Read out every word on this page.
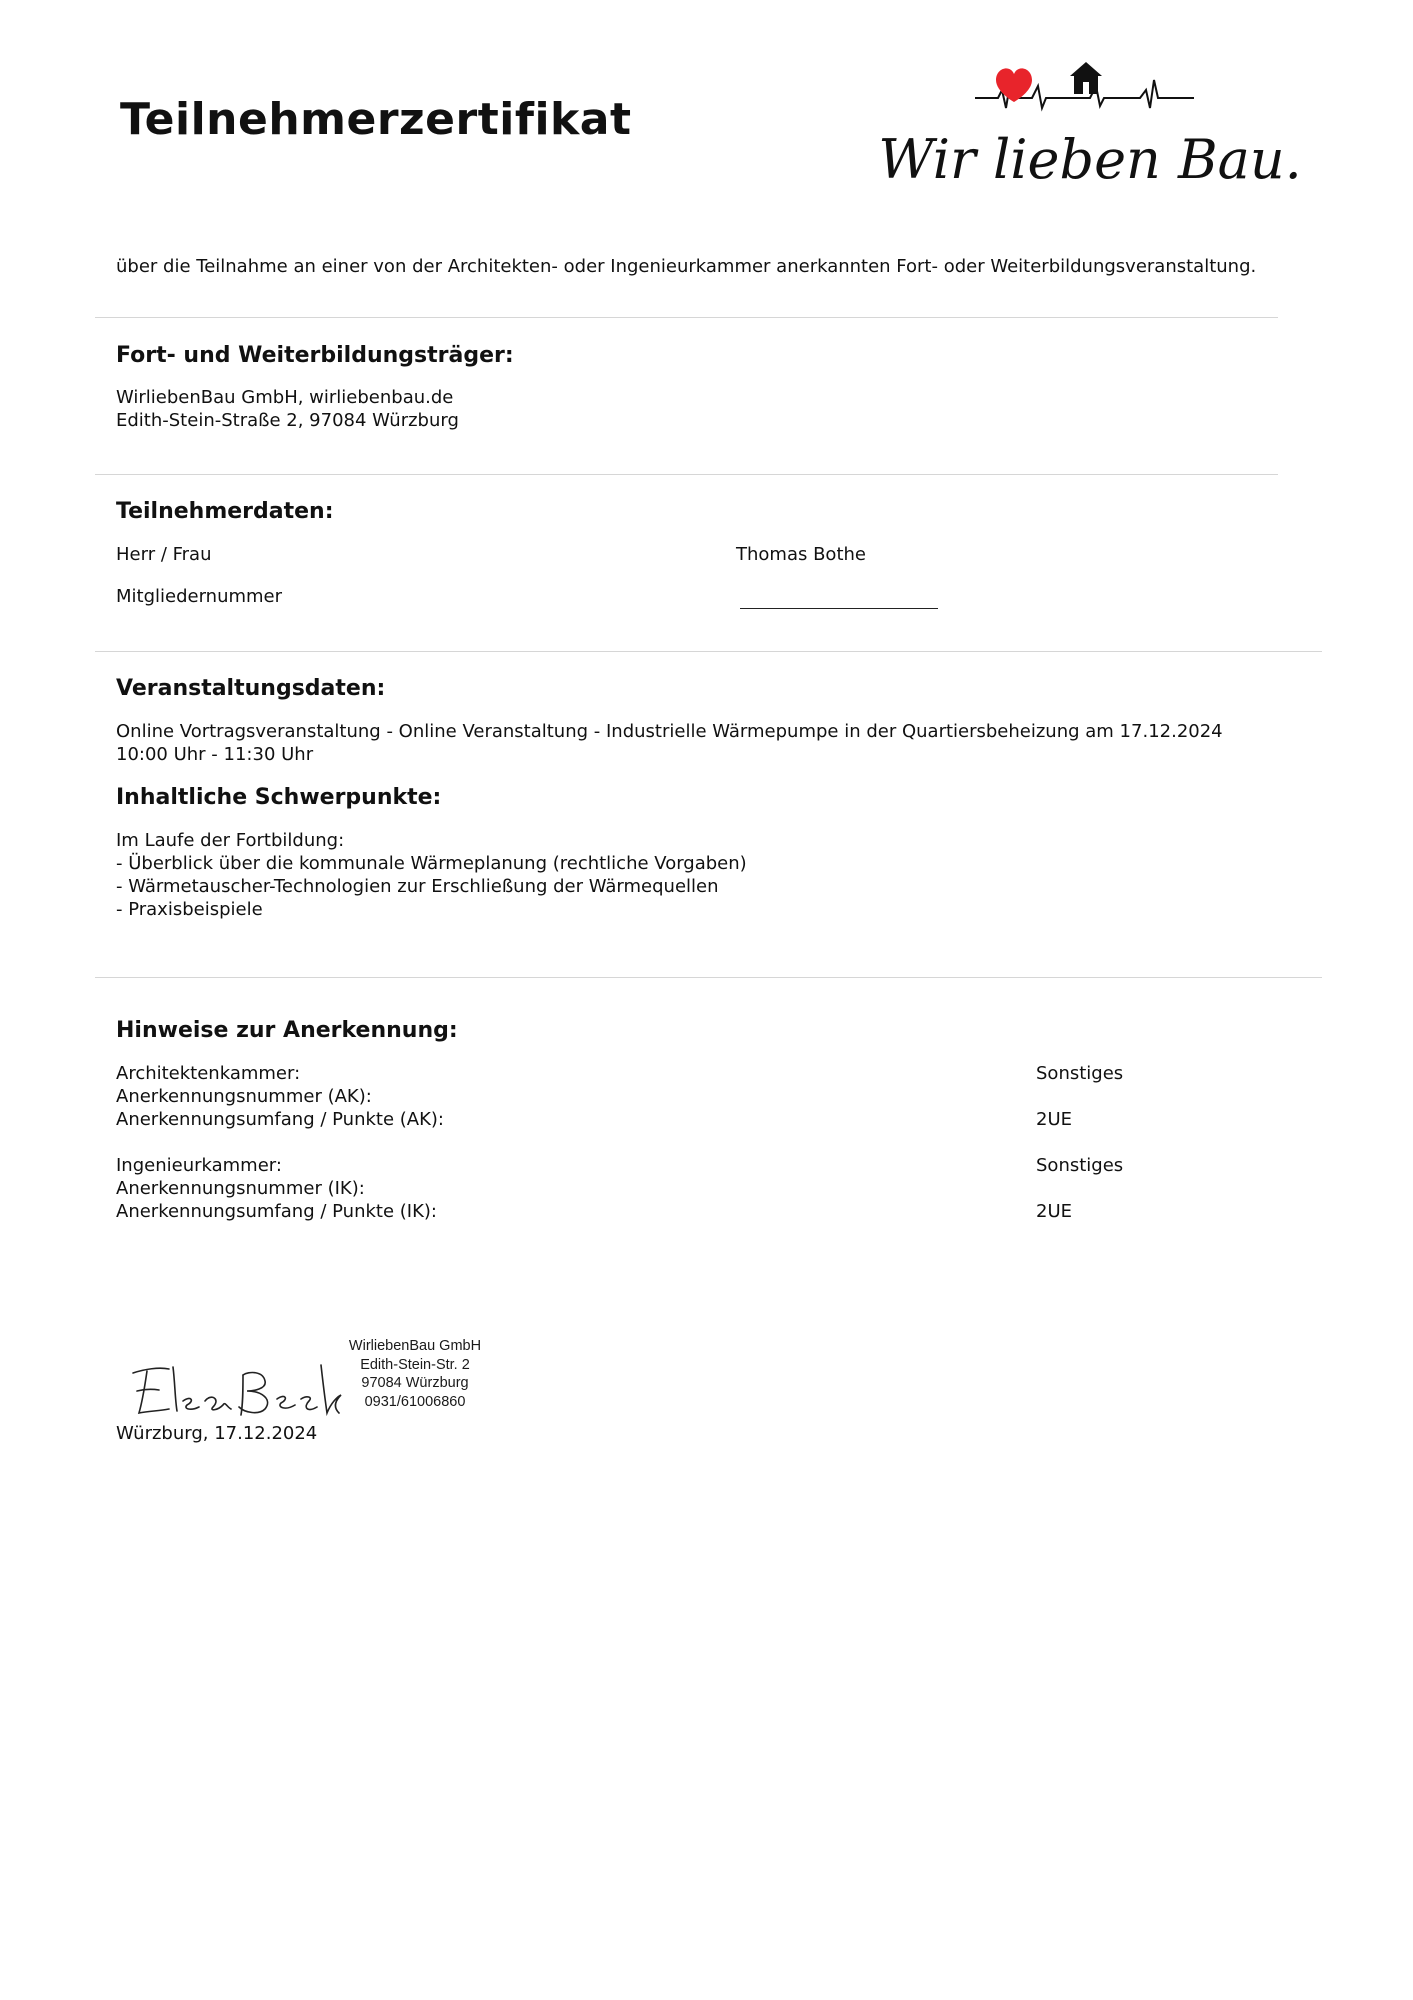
Teilnehmerzertifikat
Wir lieben Bau.
über die Teilnahme an einer von der Architekten- oder Ingenieurkammer anerkannten Fort- oder Weiterbildungsveranstaltung.
Fort- und Weiterbildungsträger:
WirliebenBau GmbH, wirliebenbau.de
Edith-Stein-Straße 2, 97084 Würzburg
Teilnehmerdaten:
Herr / Frau	Thomas Bothe
Mitgliedernummer
Veranstaltungsdaten:
Online Vortragsveranstaltung - Online Veranstaltung - Industrielle Wärmepumpe in der Quartiersbeheizung am 17.12.2024
10:00 Uhr - 11:30 Uhr
Inhaltliche Schwerpunkte:
Im Laufe der Fortbildung:
- Überblick über die kommunale Wärmeplanung (rechtliche Vorgaben)
- Wärmetauscher-Technologien zur Erschließung der Wärmequellen
- Praxisbeispiele
Hinweise zur Anerkennung:
Architektenkammer:	Sonstiges
Anerkennungsnummer (AK):
Anerkennungsumfang / Punkte (AK):	2UE
Ingenieurkammer:	Sonstiges
Anerkennungsnummer (IK):
Anerkennungsumfang / Punkte (IK):	2UE
WirliebenBau GmbH
Edith-Stein-Str. 2
97084 Würzburg
0931/61006860
Würzburg, 17.12.2024
